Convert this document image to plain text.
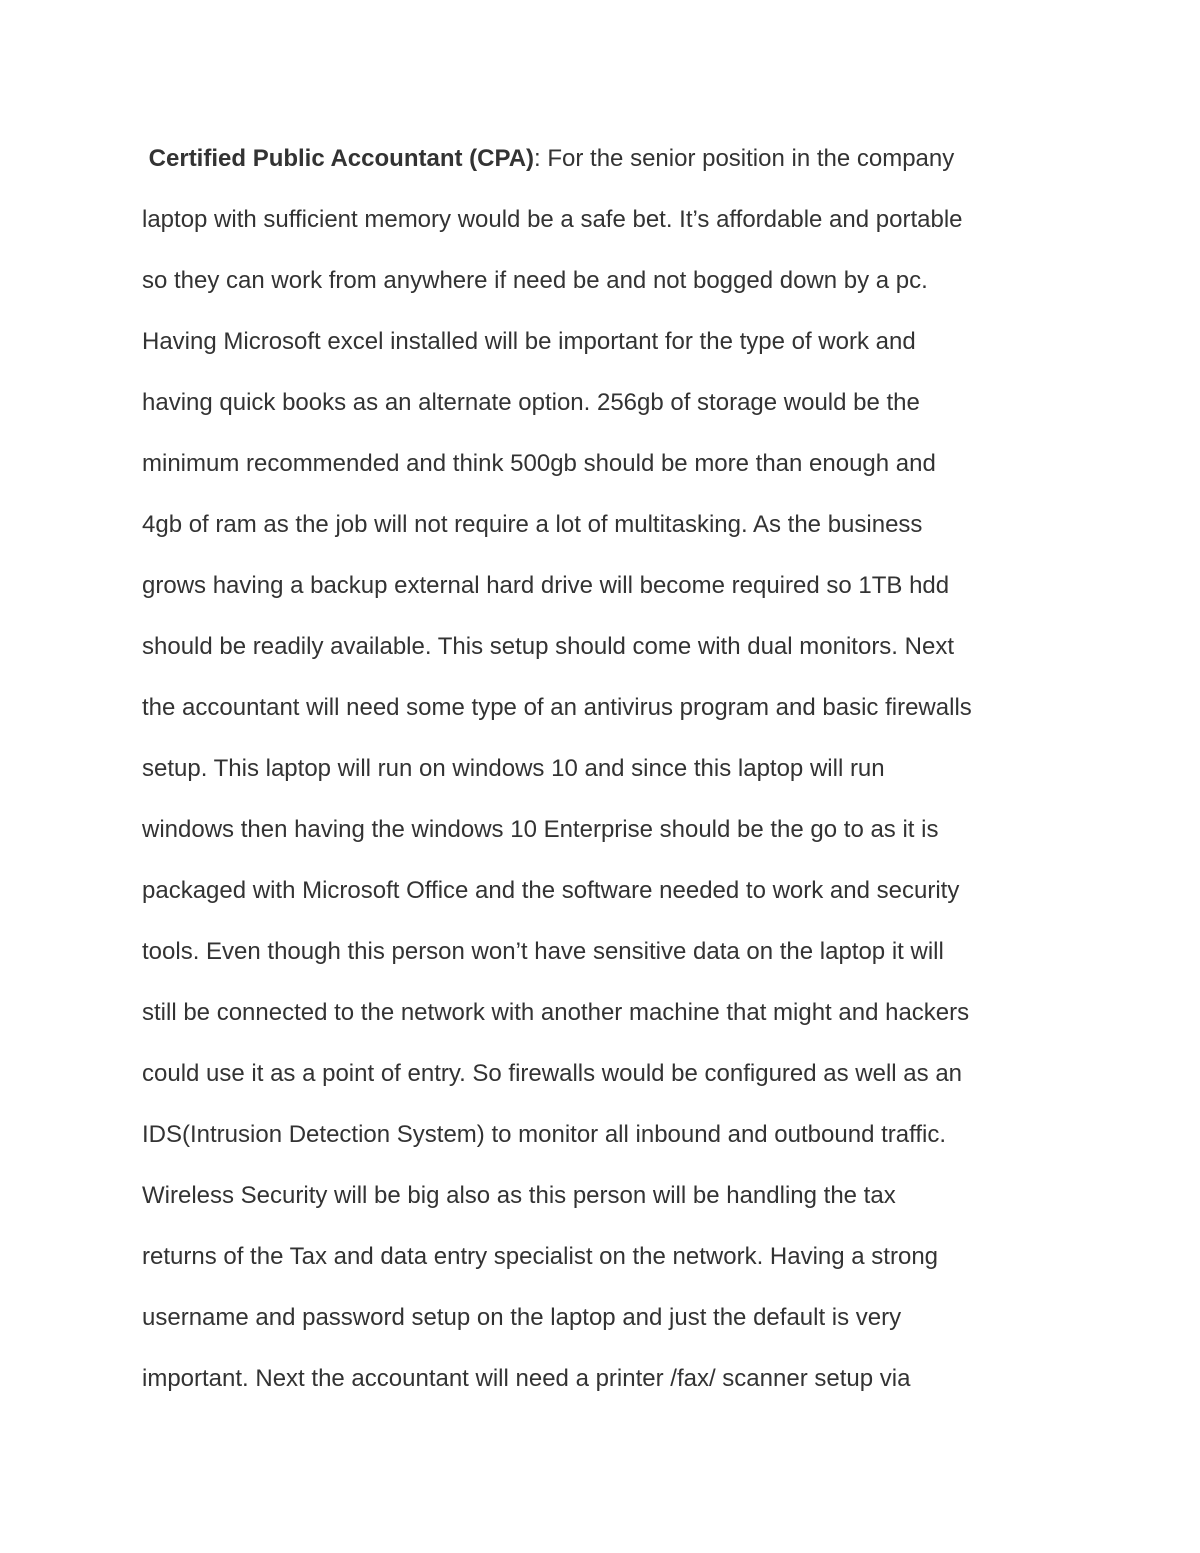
Certified Public Accountant (CPA): For the senior position in the company
laptop with sufficient memory would be a safe bet. It’s affordable and portable
so they can work from anywhere if need be and not bogged down by a pc.
Having Microsoft excel installed will be important for the type of work and
having quick books as an alternate option. 256gb of storage would be the
minimum recommended and think 500gb should be more than enough and
4gb of ram as the job will not require a lot of multitasking. As the business
grows having a backup external hard drive will become required so 1TB hdd
should be readily available. This setup should come with dual monitors. Next
the accountant will need some type of an antivirus program and basic firewalls
setup. This laptop will run on windows 10 and since this laptop will run
windows then having the windows 10 Enterprise should be the go to as it is
packaged with Microsoft Office and the software needed to work and security
tools. Even though this person won’t have sensitive data on the laptop it will
still be connected to the network with another machine that might and hackers
could use it as a point of entry. So firewalls would be configured as well as an
IDS(Intrusion Detection System) to monitor all inbound and outbound traffic.
Wireless Security will be big also as this person will be handling the tax
returns of the Tax and data entry specialist on the network. Having a strong
username and password setup on the laptop and just the default is very
important. Next the accountant will need a printer /fax/ scanner setup via
